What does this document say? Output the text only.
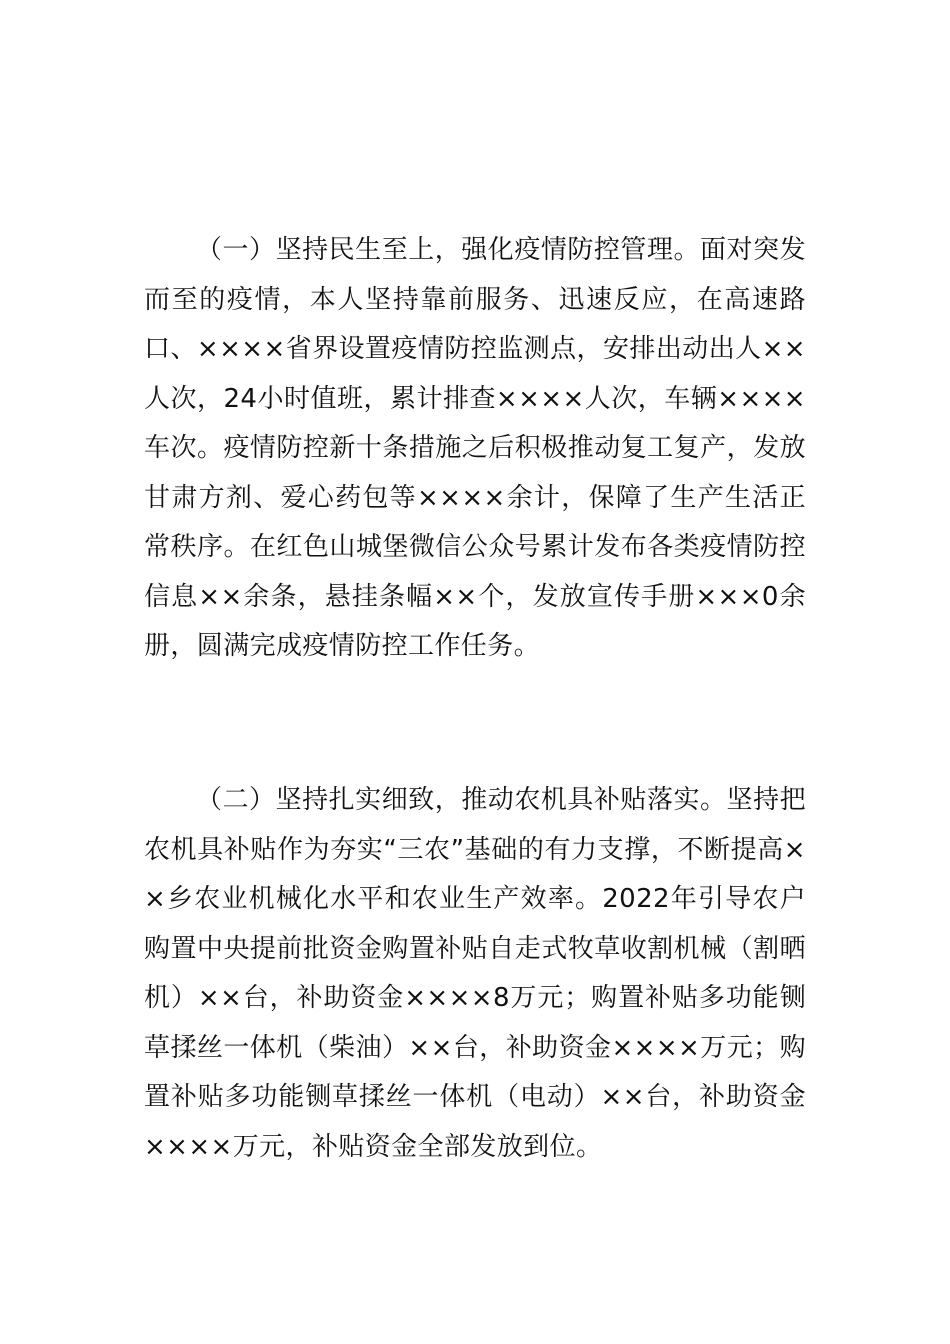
（一）坚持民生至上，强化疫情防控管理。面对突发而至的疫情，本人坚持靠前服务、迅速反应，在高速路口、××××省界设置疫情防控监测点，安排出动出人××人次，24小时值班，累计排查××××人次，车辆××××车次。疫情防控新十条措施之后积极推动复工复产，发放甘肃方剂、爱心药包等××××余计，保障了生产生活正常秩序。在红色山城堡微信公众号累计发布各类疫情防控信息××余条，悬挂条幅××个，发放宣传手册×××0余册，圆满完成疫情防控工作任务。

（二）坚持扎实细致，推动农机具补贴落实。坚持把农机具补贴作为夯实“三农”基础的有力支撑，不断提高××乡农业机械化水平和农业生产效率。2022年引导农户购置中央提前批资金购置补贴自走式牧草收割机械（割晒机）××台，补助资金××××8万元；购置补贴多功能铡草揉丝一体机（柴油）××台，补助资金××××万元；购置补贴多功能铡草揉丝一体机（电动）××台，补助资金××××万元，补贴资金全部发放到位。
